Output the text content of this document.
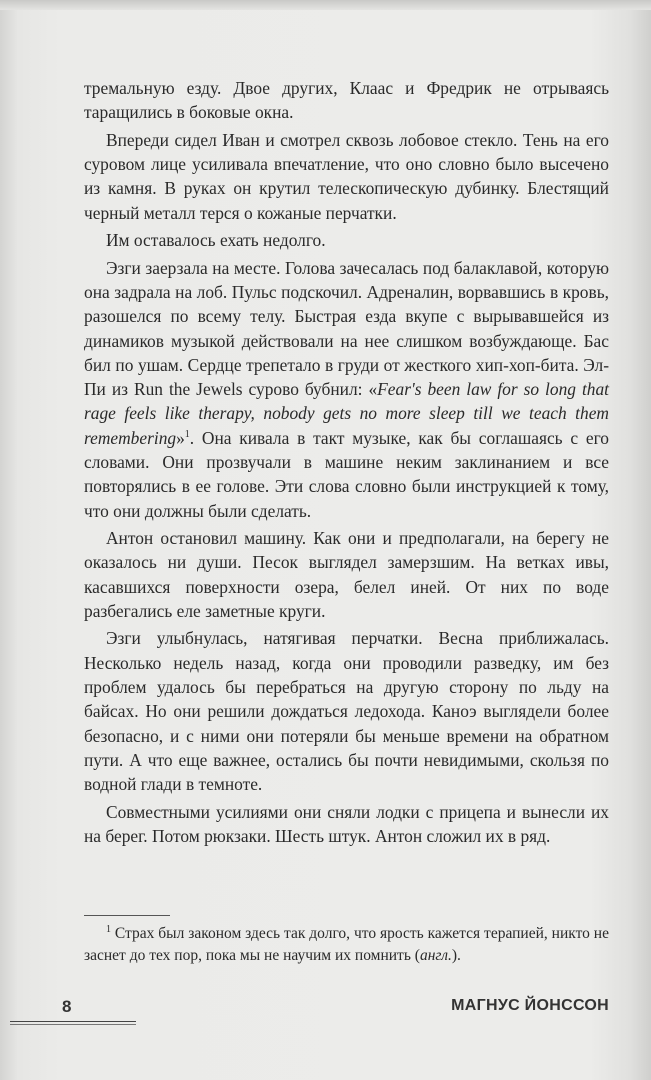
тремальную езду. Двое других, Клаас и Фредрик не отрываясь таращились в боковые окна.

Впереди сидел Иван и смотрел сквозь лобовое стекло. Тень на его суровом лице усиливала впечатление, что оно словно было высечено из камня. В руках он крутил телескопическую дубинку. Блестящий черный металл терся о кожаные перчатки.

Им оставалось ехать недолго.

Эзги заерзала на месте. Голова зачесалась под балаклавой, которую она задрала на лоб. Пульс подскочил. Адреналин, ворвавшись в кровь, разошелся по всему телу. Быстрая езда вкупе с вырывавшейся из динамиков музыкой действовали на нее слишком возбуждающе. Бас бил по ушам. Сердце трепетало в груди от жесткого хип-хоп-бита. Эл-Пи из Run the Jewels сурово бубнил: «Fear's been law for so long that rage feels like therapy, nobody gets no more sleep till we teach them remembering»$^1$. Она кивала в такт музыке, как бы соглашаясь с его словами. Они прозвучали в машине неким заклинанием и все повторялись в ее голове. Эти слова словно были инструкцией к тому, что они должны были сделать.

Антон остановил машину. Как они и предполагали, на берегу не оказалось ни души. Песок выглядел замерзшим. На ветках ивы, касавшихся поверхности озера, белел иней. От них по воде разбегались еле заметные круги.

Эзги улыбнулась, натягивая перчатки. Весна приближалась. Несколько недель назад, когда они проводили разведку, им без проблем удалось бы перебраться на другую сторону по льду на байсах. Но они решили дождаться ледохода. Каноэ выглядели более безопасно, и с ними они потеряли бы меньше времени на обратном пути. А что еще важнее, остались бы почти невидимыми, скользя по водной глади в темноте.

Совместными усилиями они сняли лодки с прицепа и вынесли их на берег. Потом рюкзаки. Шесть штук. Антон сложил их в ряд.

$^1$ Страх был законом здесь так долго, что ярость кажется терапией, никто не заснет до тех пор, пока мы не научим их помнить (англ.).

8	МАГНУС ЙОНССОН
